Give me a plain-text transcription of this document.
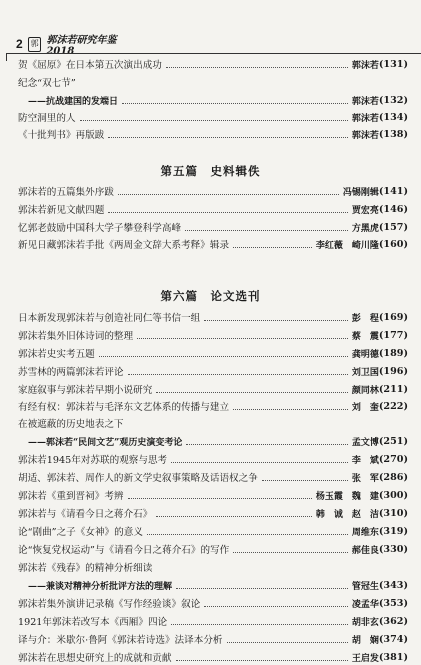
2 郭 郭沫若研究年鉴 2018
第五篇　史料辑佚
第六篇　论文选刊
贺《屈原》在日本第五次演出成功	郭沫若 (131)
纪念“双七节”
——抗战建国的发端日	郭沫若 (132)
防空洞里的人	郭沫若 (134)
《十批判书》再版跋	郭沫若 (138)
郭沫若的五篇集外序跋	冯锡刚辑 (141)
郭沫若新见文献四题	贾宏亮 (146)
忆郭老鼓励中国科大学子攀登科学高峰	方黑虎 (157)
新见日藏郭沫若手批《两周金文辞大系考释》辑录	李红薇　崎川隆 (160)
日本新发现郭沫若与创造社同仁等书信一组	彭　程 (169)
郭沫若集外旧体诗词的整理	蔡　震 (177)
郭沫若史实考五题	龚明德 (189)
苏雪林的两篇郭沫若评论	刘卫国 (196)
家庭叙事与郭沫若早期小说研究	颜同林 (211)
有经有权：郭沫若与毛泽东文艺体系的传播与建立	刘　奎 (222)
在被遮蔽的历史地表之下
——郭沫若“民间文艺”观历史演变考论	孟文博 (251)
郭沫若1945年对苏联的观察与思考	李　斌 (270)
胡适、郭沫若、周作人的新文学史叙事策略及话语权之争	张　军 (286)
郭沫若《重到晋祠》考辨	杨玉霞　魏　建 (300)
郭沫若与《请看今日之蒋介石》	韩　诚　赵　洁 (310)
论“剧曲”之子《女神》的意义	周维东 (319)
论“恢复党权运动”与《请看今日之蒋介石》的写作	郝佳良 (330)
郭沫若《残春》的精神分析细读
——兼谈对精神分析批评方法的理解	管冠生 (343)
郭沫若集外演讲记录稿《写作经验谈》叙论	凌孟华 (353)
1921年郭沫若改写本《西厢》四论	胡非玄 (362)
译与介：米歇尔·鲁阿《郭沫若诗选》法译本分析	胡　娴 (374)
郭沫若在思想史研究上的成就和贡献	王启发 (381)
